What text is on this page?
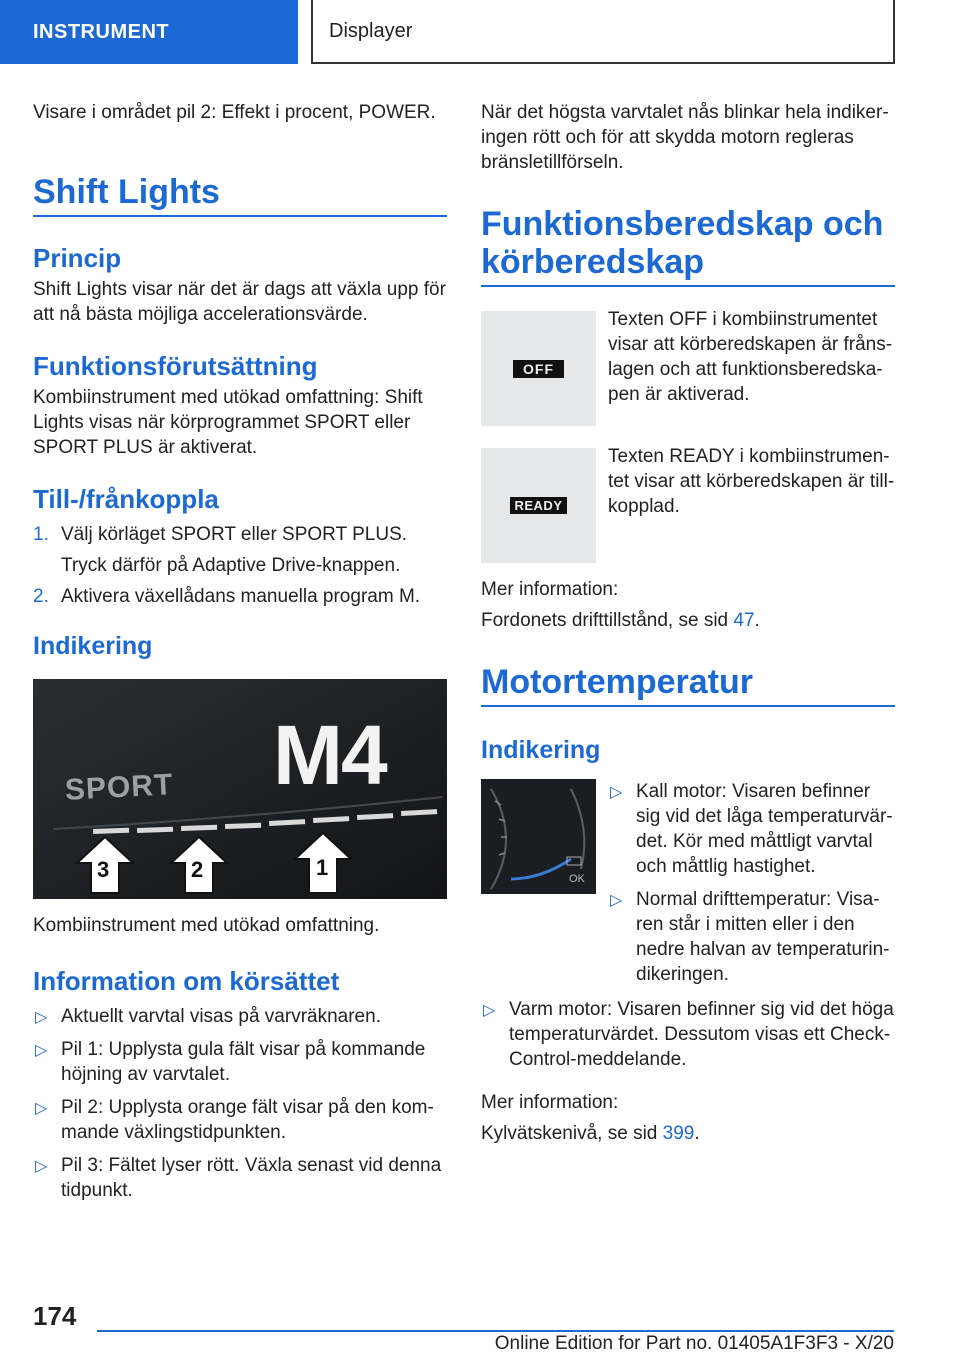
INSTRUMENT	Displayer

Visare i området pil 2: Effekt i procent, POWER.

Shift Lights
Princip

Shift Lights visar när det är dags att växla upp för att nå bästa möjliga accelerationsvärde.

Funktionsförutsättning

Kombiinstrument med utökad omfattning: Shift Lights visas när körprogrammet SPORT eller SPORT PLUS är aktiverat.

Till-/frånkoppla
1. Välj körläget SPORT eller SPORT PLUS.
Tryck därför på Adaptive Drive-knappen.
2. Aktivera växellådans manuella program M.
Indikering
SPORT M4
3	2	1

Kombiinstrument med utökad omfattning.

Information om körsättet
▷ Aktuellt varvtal visas på varvräknaren.
▷ Pil 1: Upplysta gula fält visar på kommande höjning av varvtalet.
▷ Pil 2: Upplysta orange fält visar på den kommande växlingstidpunkten.
▷ Pil 3: Fältet lyser rött. Växla senast vid denna tidpunkt.

När det högsta varvtalet nås blinkar hela indikeringen rött och för att skydda motorn regleras bränsletillförseln.

Funktionsberedskap och körberedskap
OFF

Texten OFF i kombiinstrumentet visar att körberedskapen är frånslagen och att funktionsberedskapen är aktiverad.

READY

Texten READY i kombiinstrumentet visar att körberedskapen är tillkopplad.

Mer information:

Fordonets drifttillstånd, se sid 47.

Motortemperatur
Indikering
OK
▷ Kall motor: Visaren befinner sig vid det låga temperaturvärdet. Kör med måttligt varvtal och måttlig hastighet.
▷ Normal drifttemperatur: Visaren står i mitten eller i den nedre halvan av temperaturindikeringen.
▷ Varm motor: Visaren befinner sig vid det höga temperaturvärdet. Dessutom visas ett Check-Control-meddelande.

Mer information:

Kylvätskenivå, se sid 399.

174
Online Edition for Part no. 01405A1F3F3 - X/20
